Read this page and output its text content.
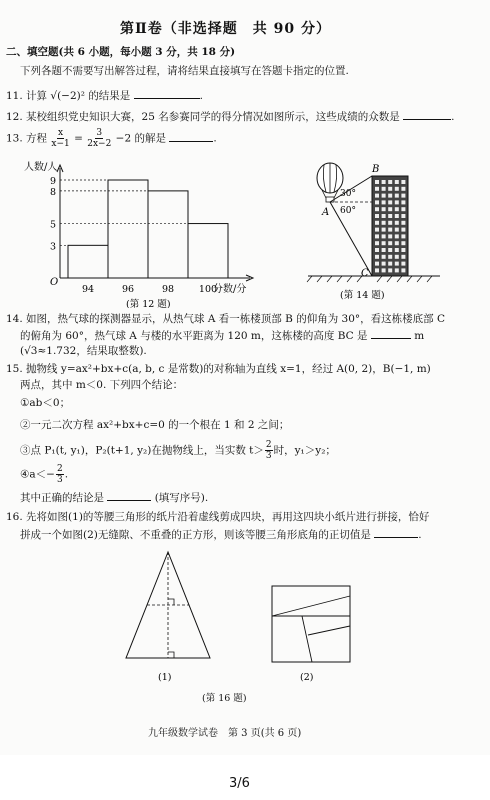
第Ⅱ卷（非选择题　共 90 分）
二、填空题(共 6 小题，每小题 3 分，共 18 分)
下列各题不需要写出解答过程，请将结果直接填写在答题卡指定的位置.
11. 计算 √(−2)² 的结果是	.
12. 某校组织党史知识大赛，25 名参赛同学的得分情况如图所示，这些成绩的众数是	.
13. 方程 $\frac{x}{x-1} = \frac{3}{2x-2} -2$ 的解是	.
人数/人
9
8
5
3
O
94	96	98	100
分数/分
(第 12 题)
A
30°
60°
B
C
(第 14 题)
14. 如图，热气球的探测器显示，从热气球 A 看一栋楼顶部 B 的仰角为 30°，看这栋楼底部 C
的俯角为 60°，热气球 A 与楼的水平距离为 120 m，这栋楼的高度 BC 是	m
(√3≈1.732，结果取整数).
15. 抛物线 y=ax²+bx+c(a, b, c 是常数)的对称轴为直线 x=1，经过 A(0, 2)，B(−1, m)
两点，其中 m＜0. 下列四个结论：
①ab＜0；
②一元二次方程 ax²+bx+c=0 的一个根在 1 和 2 之间；
③点 P₁(t, y₁)，P₂(t+1, y₂)在抛物线上，当实数 $t> \frac{2}{3}$ 时，y₁＞y₂；
④a＜− $\frac{2}{3}$ .
其中正确的结论是	(填写序号).
16. 先将如图(1)的等腰三角形的纸片沿着虚线剪成四块，再用这四块小纸片进行拼接，恰好
拼成一个如图(2)无缝隙、不重叠的正方形，则该等腰三角形底角的正切值是	.
(1)	(2)
(第 16 题)
九年级数学试卷　第 3 页(共 6 页)
3/6
